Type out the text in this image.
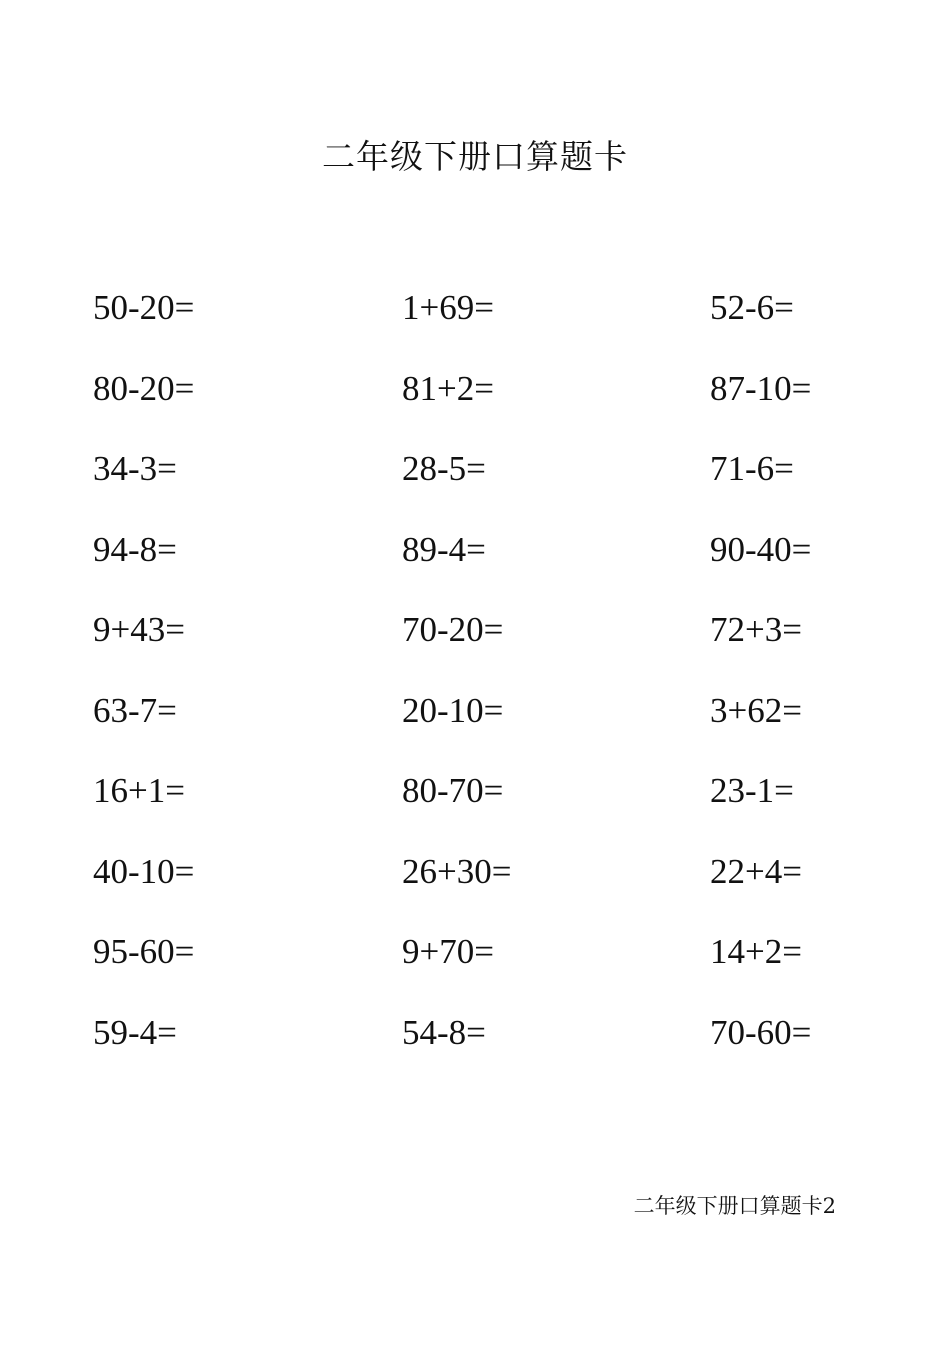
二年级下册口算题卡
50-20=	1+69=	52-6=
80-20=	81+2=	87-10=
34-3=	28-5=	71-6=
94-8=	89-4=	90-40=
9+43=	70-20=	72+3=
63-7=	20-10=	3+62=
16+1=	80-70=	23-1=
40-10=	26+30=	22+4=
95-60=	9+70=	14+2=
59-4=	54-8=	70-60=
二年级下册口算题卡2
